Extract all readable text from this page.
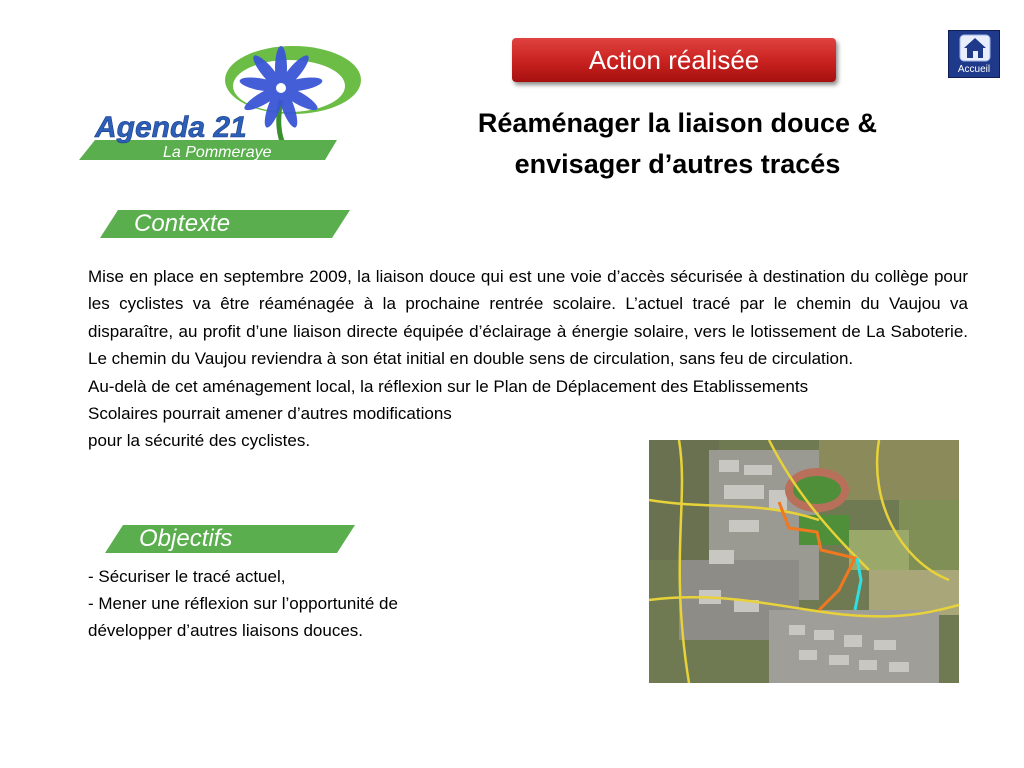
Agenda 21
La Pommeraye
Action réalisée	Accueil
Réaménager la liaison douce &
envisager d’autres tracés
Contexte

Mise en place en septembre 2009, la liaison douce qui est une voie d’accès sécurisée à destination du collège pour les cyclistes va être réaménagée à la prochaine rentrée scolaire. L’actuel tracé par le chemin du Vaujou va disparaître, au profit d’une liaison directe équipée d’éclairage à énergie solaire, vers le lotissement de La Saboterie. Le chemin du Vaujou reviendra à son état initial en double sens de circulation, sans feu de circulation.

Au-delà de cet aménagement local, la réflexion sur le Plan de Déplacement des Etablissements
Scolaires pourrait amener d’autres modifications
pour la sécurité des cyclistes.

Objectifs
- Sécuriser le tracé actuel,
- Mener une réflexion sur l’opportunité de
développer d’autres liaisons douces.
